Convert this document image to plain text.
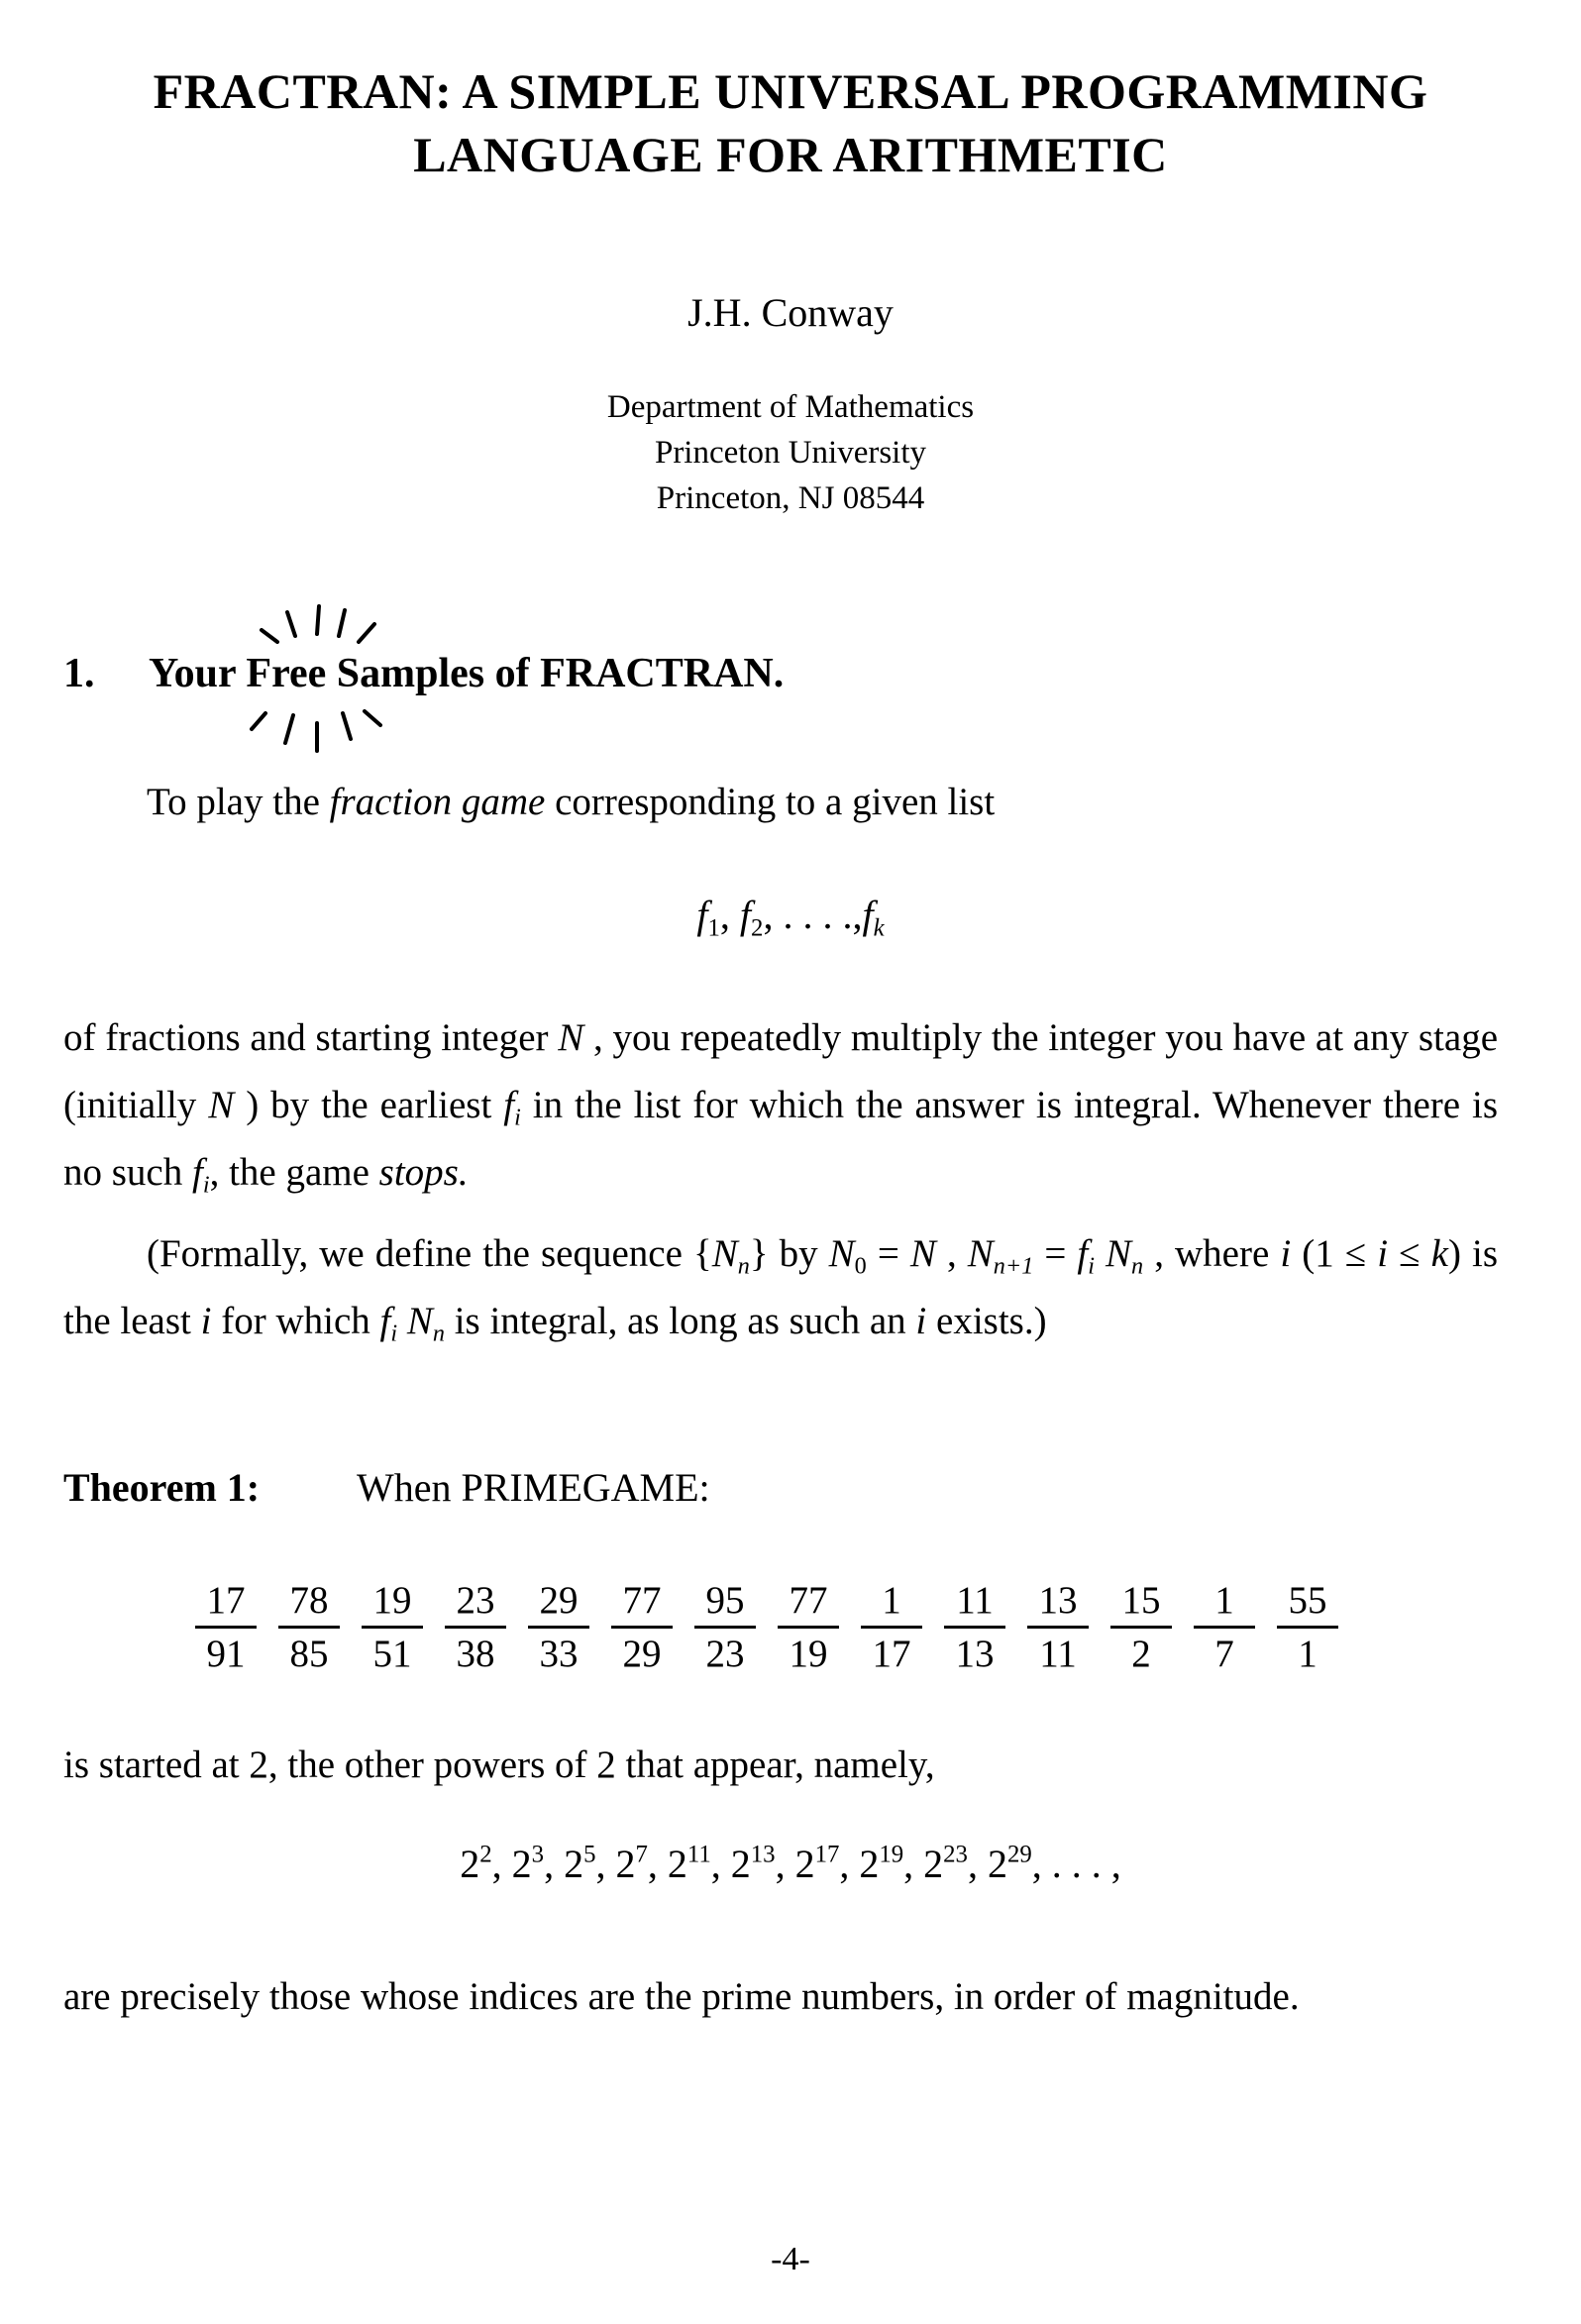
FRACTRAN: A SIMPLE UNIVERSAL PROGRAMMING
LANGUAGE FOR ARITHMETIC
J.H. Conway
Department of Mathematics
Princeton University
Princeton, NJ 08544
1. Your Free Samples of FRACTRAN.
To play the fraction game corresponding to a given list
$f_1$, $f_2$, . . . $.,f_k$
of fractions and starting integer N , you repeatedly multiply the integer you have at any stage (initially N ) by the earliest $f_i$ in the list for which the answer is integral. Whenever there is no such $f_i$, the game stops.
(Formally, we define the sequence $\{N_n\}$ by $N_0 = N$ , $N_{n+1} = f_i$ $N_n$ , where i (1 ≤ i ≤ k) is the least i for which $f_i$ $N_n$ is integral, as long as such an i exists.)
Theorem 1: When PRIMEGAME:
$\frac{17}{91} \frac{78}{85} \frac{19}{51} \frac{23}{38} \frac{29}{33} \frac{77}{29} \frac{95}{23} \frac{77}{19} \frac{1}{17} \frac{11}{13} \frac{13}{11} \frac{15}{2} \frac{1}{7} \frac{55}{1}$
is started at 2, the other powers of 2 that appear, namely,
$2^2$, $2^3$, $2^5$, $2^7$, $2^{11}$, $2^{13}$, $2^{17}$, $2^{19}$, $2^{23}$, $2^{29}$, . . . ,
are precisely those whose indices are the prime numbers, in order of magnitude.
-4-
